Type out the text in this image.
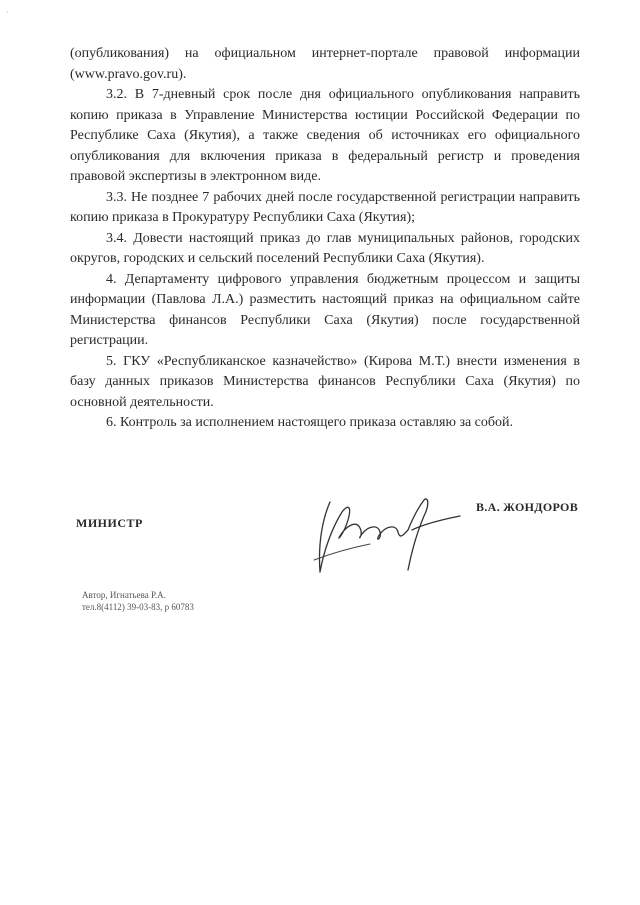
·

(опубликования) на официальном интернет-портале правовой информации (www.pravo.gov.ru).

3.2. В 7-дневный срок после дня официального опубликования направить копию приказа в Управление Министерства юстиции Российской Федерации по Республике Саха (Якутия), а также сведения об источниках его официального опубликования для включения приказа в федеральный регистр и проведения правовой экспертизы в электронном виде.

3.3. Не позднее 7 рабочих дней после государственной регистрации направить копию приказа в Прокуратуру Республики Саха (Якутия);

3.4. Довести настоящий приказ до глав муниципальных районов, городских округов, городских и сельский поселений Республики Саха (Якутия).

4. Департаменту цифрового управления бюджетным процессом и защиты информации (Павлова Л.А.) разместить настоящий приказ на официальном сайте Министерства финансов Республики Саха (Якутия) после государственной регистрации.

5. ГКУ «Республиканское казначейство» (Кирова М.Т.) внести изменения в базу данных приказов Министерства финансов Республики Саха (Якутия) по основной деятельности.

6. Контроль за исполнением настоящего приказа оставляю за собой.

МИНИСТР
В.А. ЖОНДОРОВ
Автор, Игнатьева Р.А.
тел.8(4112) 39-03-83, р 60783
